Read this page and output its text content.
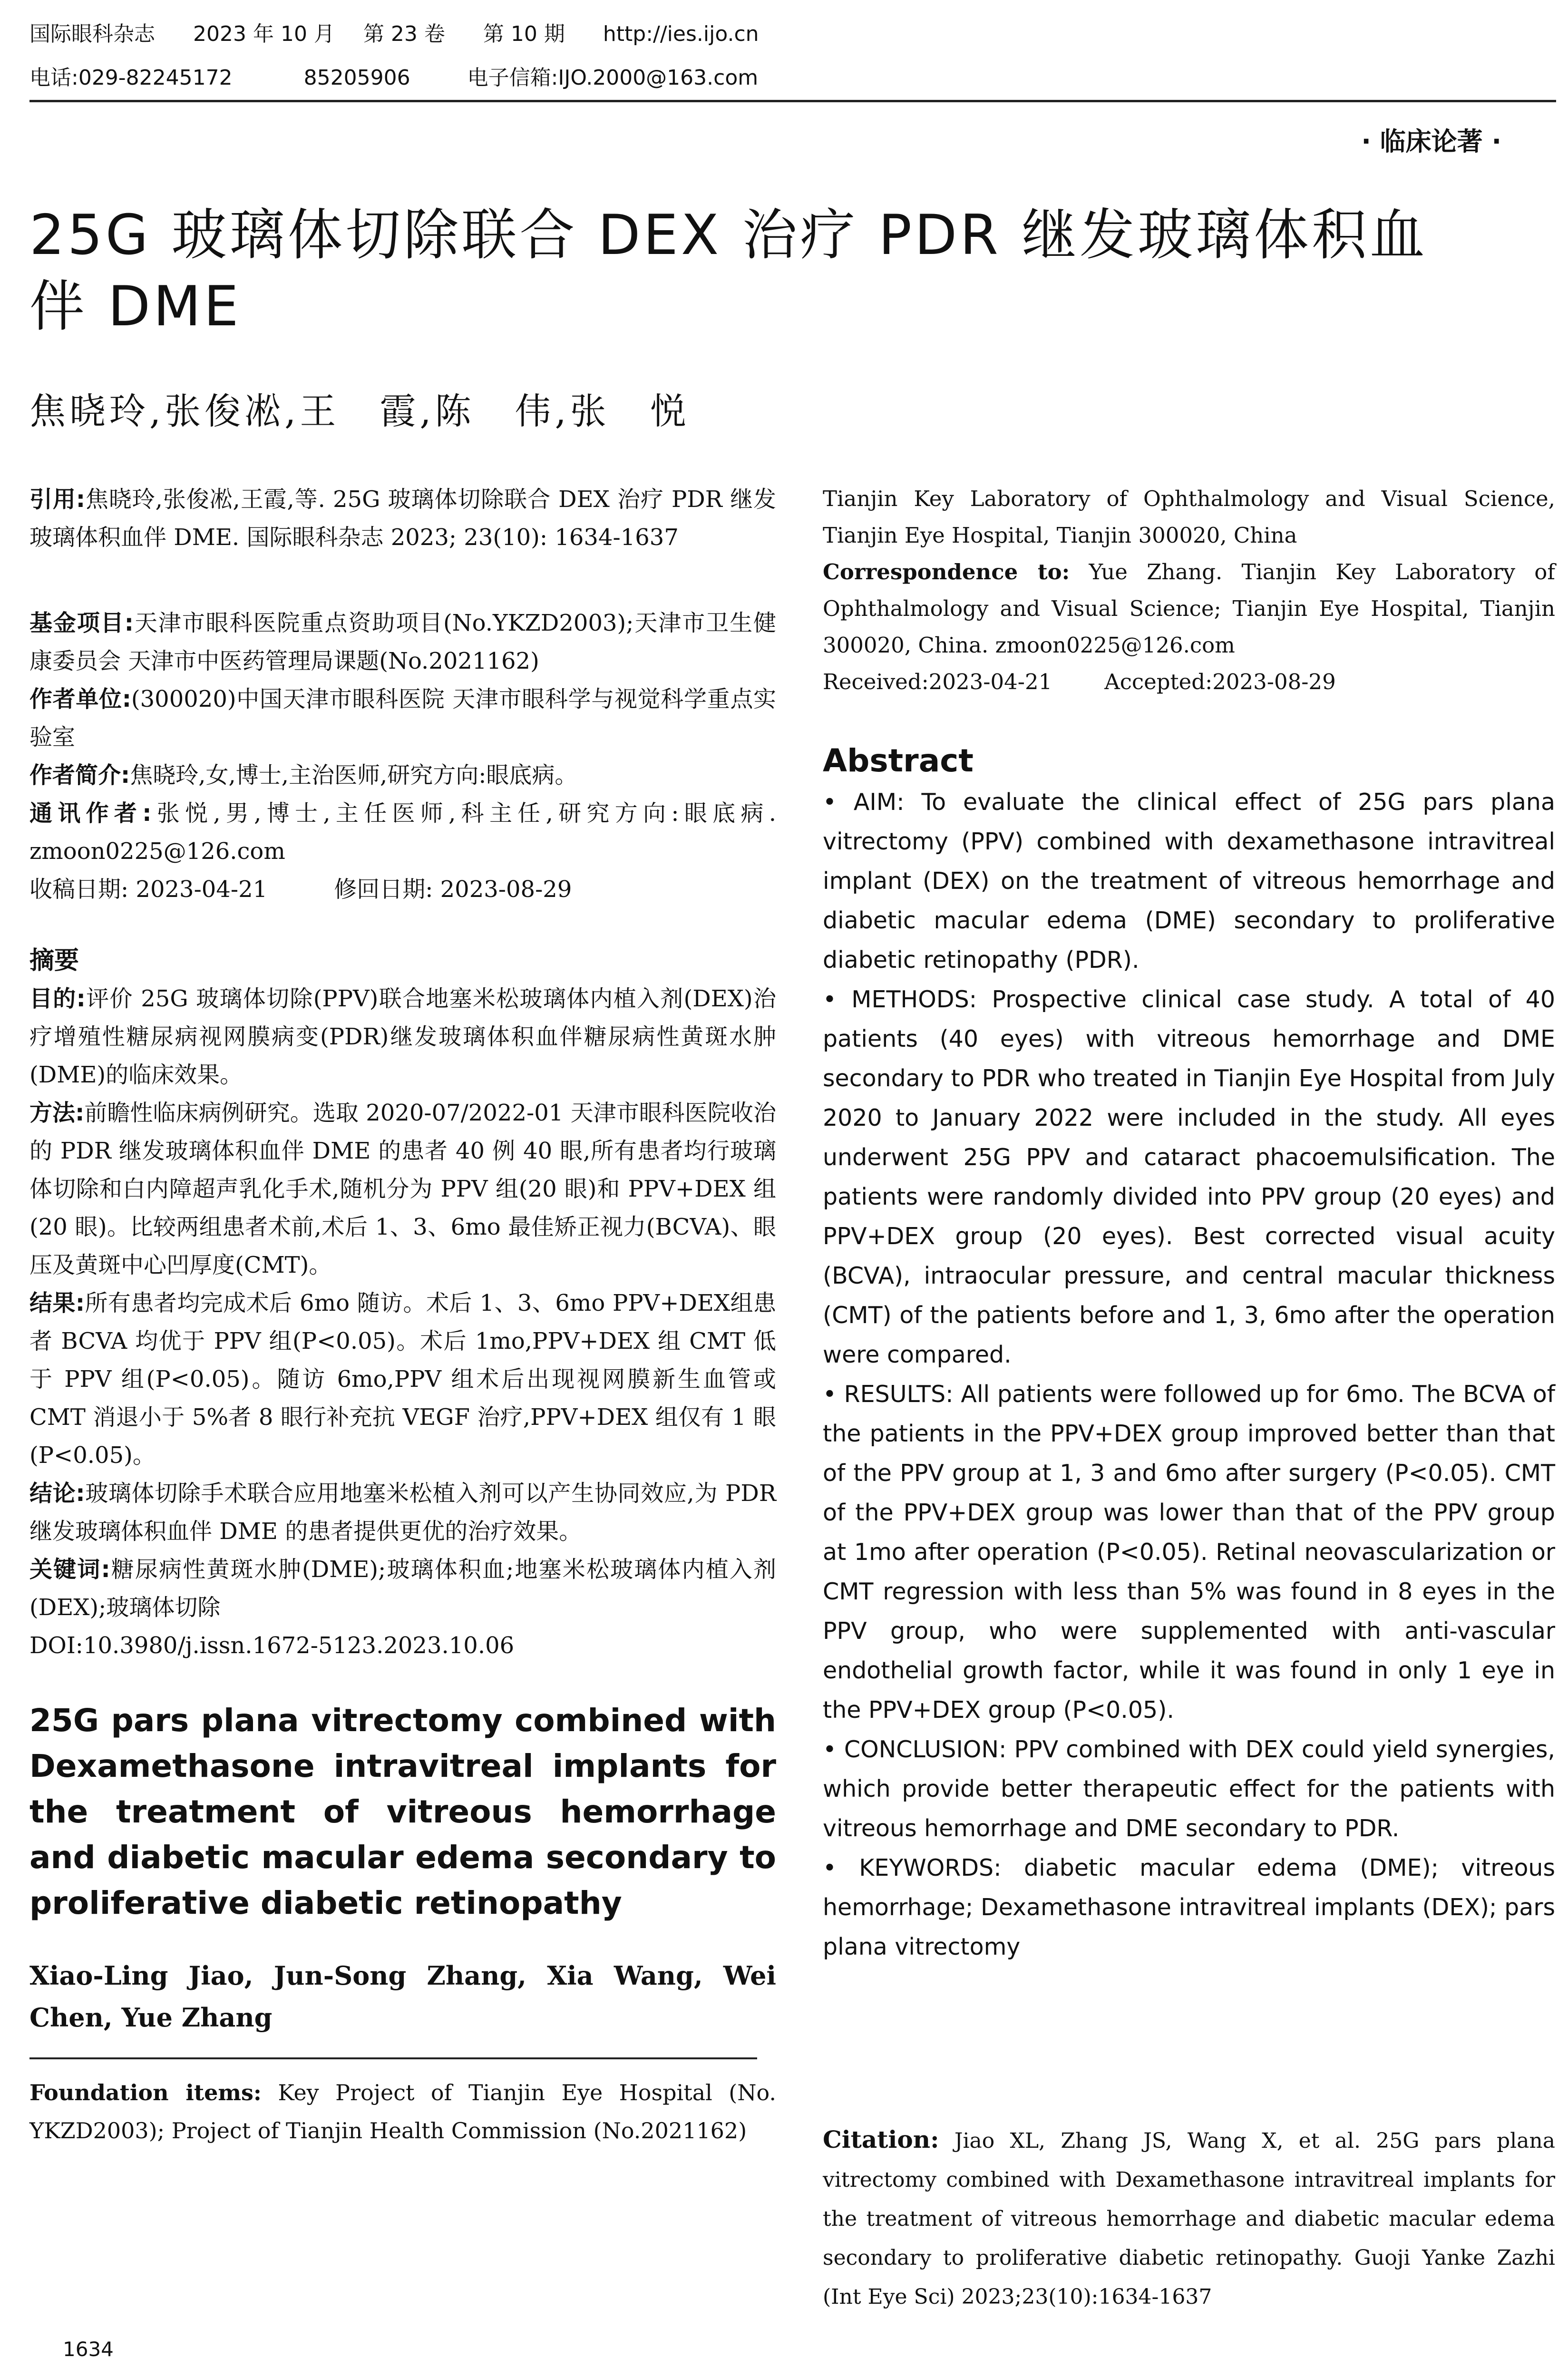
国际眼科杂志 2023 年 10 月 第 23 卷 第 10 期 http://ies.ijo.cn
电话:029-82245172	85205906	电子信箱:IJO.2000@163.com
· 临床论著 ·
25G 玻璃体切除联合 DEX 治疗 PDR 继发玻璃体积血
伴 DME
焦晓玲,张俊凇,王　霞,陈　伟,张　悦

引用:焦晓玲,张俊凇,王霞,等. 25G 玻璃体切除联合 DEX 治疗 PDR 继发玻璃体积血伴 DME. 国际眼科杂志 2023; 23(10): 1634-1637

基金项目:天津市眼科医院重点资助项目(No.YKZD2003);天津市卫生健康委员会 天津市中医药管理局课题(No.2021162)

作者单位:(300020)中国天津市眼科医院 天津市眼科学与视觉科学重点实验室

作者简介:焦晓玲,女,博士,主治医师,研究方向:眼底病。

通讯作者:张悦,男,博士,主任医师,科主任,研究方向:眼底病. zmoon0225@126.com

收稿日期: 2023-04-21	修回日期: 2023-08-29

摘要

目的:评价 25G 玻璃体切除(PPV)联合地塞米松玻璃体内植入剂(DEX)治疗增殖性糖尿病视网膜病变(PDR)继发玻璃体积血伴糖尿病性黄斑水肿(DME)的临床效果。

方法:前瞻性临床病例研究。选取 2020-07/2022-01 天津市眼科医院收治的 PDR 继发玻璃体积血伴 DME 的患者 40 例 40 眼,所有患者均行玻璃体切除和白内障超声乳化手术,随机分为 PPV 组(20 眼)和 PPV+DEX 组(20 眼)。比较两组患者术前,术后 1、3、6mo 最佳矫正视力(BCVA)、眼压及黄斑中心凹厚度(CMT)。

结果:所有患者均完成术后 6mo 随访。术后 1、3、6mo PPV+DEX组患者 BCVA 均优于 PPV 组(P<0.05)。术后 1mo,PPV+DEX 组 CMT 低于 PPV 组(P<0.05)。随访 6mo,PPV 组术后出现视网膜新生血管或 CMT 消退小于 5%者 8 眼行补充抗 VEGF 治疗,PPV+DEX 组仅有 1 眼(P<0.05)。

结论:玻璃体切除手术联合应用地塞米松植入剂可以产生协同效应,为 PDR 继发玻璃体积血伴 DME 的患者提供更优的治疗效果。

关键词:糖尿病性黄斑水肿(DME);玻璃体积血;地塞米松玻璃体内植入剂(DEX);玻璃体切除

DOI:10.3980/j.issn.1672-5123.2023.10.06

25G pars plana vitrectomy combined with Dexamethasone intravitreal implants for the treatment of vitreous hemorrhage and diabetic macular edema secondary to proliferative diabetic retinopathy

Xiao-Ling Jiao, Jun-Song Zhang, Xia Wang, Wei Chen, Yue Zhang

Foundation items: Key Project of Tianjin Eye Hospital (No. YKZD2003); Project of Tianjin Health Commission (No.2021162)

1634

Tianjin Key Laboratory of Ophthalmology and Visual Science, Tianjin Eye Hospital, Tianjin 300020, China

Correspondence to: Yue Zhang. Tianjin Key Laboratory of Ophthalmology and Visual Science; Tianjin Eye Hospital, Tianjin 300020, China. zmoon0225@126.com

Received:2023-04-21 Accepted:2023-08-29

Abstract

• AIM: To evaluate the clinical effect of 25G pars plana vitrectomy (PPV) combined with dexamethasone intravitreal implant (DEX) on the treatment of vitreous hemorrhage and diabetic macular edema (DME) secondary to proliferative diabetic retinopathy (PDR).

• METHODS: Prospective clinical case study. A total of 40 patients (40 eyes) with vitreous hemorrhage and DME secondary to PDR who treated in Tianjin Eye Hospital from July 2020 to January 2022 were included in the study. All eyes underwent 25G PPV and cataract phacoemulsification. The patients were randomly divided into PPV group (20 eyes) and PPV+DEX group (20 eyes). Best corrected visual acuity (BCVA), intraocular pressure, and central macular thickness (CMT) of the patients before and 1, 3, 6mo after the operation were compared.

• RESULTS: All patients were followed up for 6mo. The BCVA of the patients in the PPV+DEX group improved better than that of the PPV group at 1, 3 and 6mo after surgery (P<0.05). CMT of the PPV+DEX group was lower than that of the PPV group at 1mo after operation (P<0.05). Retinal neovascularization or CMT regression with less than 5% was found in 8 eyes in the PPV group, who were supplemented with anti-vascular endothelial growth factor, while it was found in only 1 eye in the PPV+DEX group (P<0.05).

• CONCLUSION: PPV combined with DEX could yield synergies, which provide better therapeutic effect for the patients with vitreous hemorrhage and DME secondary to PDR.

• KEYWORDS: diabetic macular edema (DME); vitreous hemorrhage; Dexamethasone intravitreal implants (DEX); pars plana vitrectomy

Citation: Jiao XL, Zhang JS, Wang X, et al. 25G pars plana vitrectomy combined with Dexamethasone intravitreal implants for the treatment of vitreous hemorrhage and diabetic macular edema secondary to proliferative diabetic retinopathy. Guoji Yanke Zazhi (Int Eye Sci) 2023;23(10):1634-1637
